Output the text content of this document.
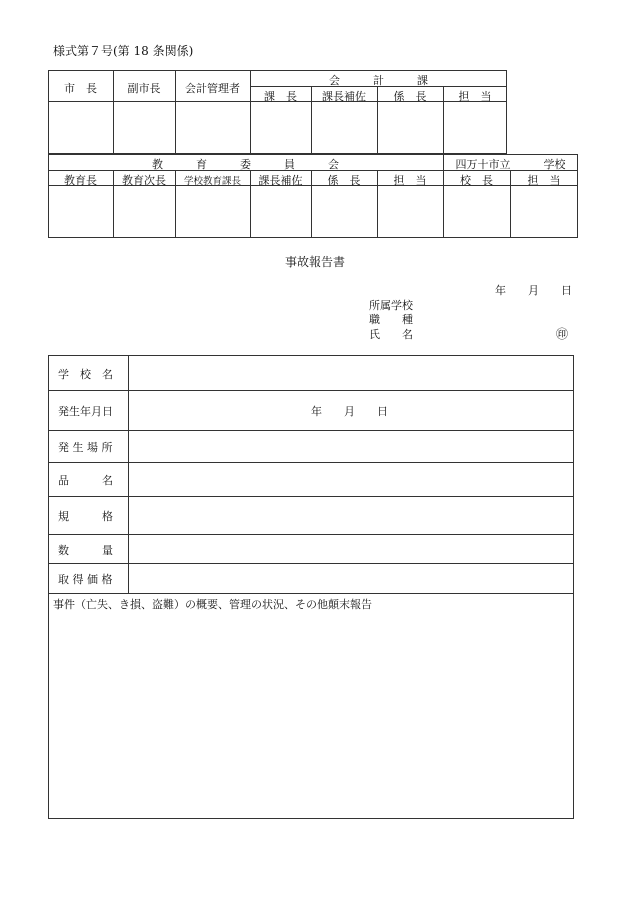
様式第７号(第 18 条関係)
市　長	副市長	会計管理者
会　　　計　　　課
課　長	課長補佐	係　長	担　当
教　　　育　　　委　　　員　　　会	四万十市立　　　学校
教育長	教育次長	学校教育課長	課長補佐	係　長	担　当	校　長	担　当
事故報告書
年　　月　　日
所属学校
職　　種
氏　　名	㊞
学　校　名
発生年月日	年　　月　　日
発 生 場 所
品　　　名
規　　　格
数　　　量
取 得 価 格
事件（亡失、き損、盗難）の概要、管理の状況、その他顛末報告
